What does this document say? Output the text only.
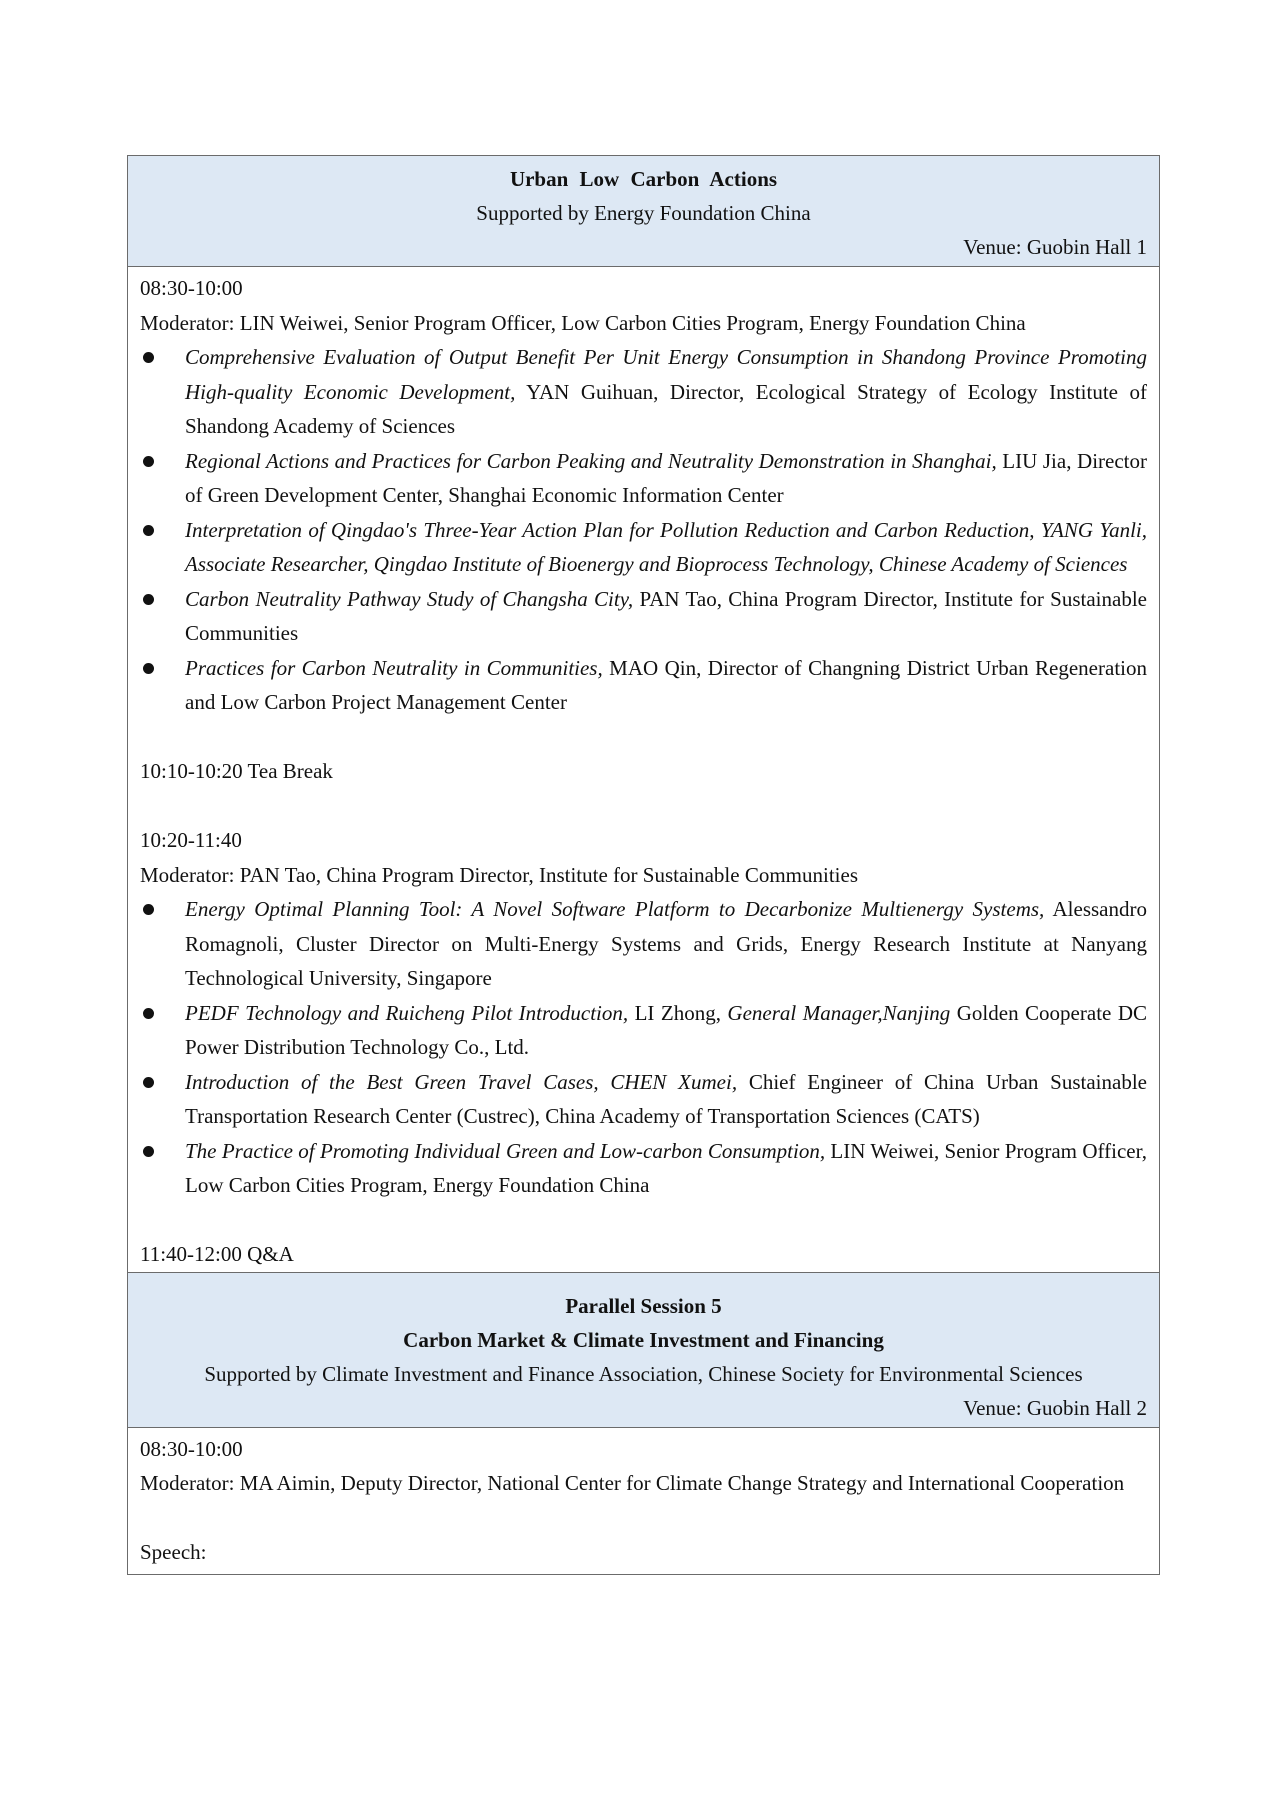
Urban Low Carbon Actions
Supported by Energy Foundation China
Venue: Guobin Hall 1
08:30-10:00
Moderator: LIN Weiwei, Senior Program Officer, Low Carbon Cities Program, Energy Foundation China
Comprehensive Evaluation of Output Benefit Per Unit Energy Consumption in Shandong Province Promoting High-quality Economic Development, YAN Guihuan, Director, Ecological Strategy of Ecology Institute of Shandong Academy of Sciences
Regional Actions and Practices for Carbon Peaking and Neutrality Demonstration in Shanghai, LIU Jia, Director of Green Development Center, Shanghai Economic Information Center
Interpretation of Qingdao's Three-Year Action Plan for Pollution Reduction and Carbon Reduction, YANG Yanli, Associate Researcher, Qingdao Institute of Bioenergy and Bioprocess Technology, Chinese Academy of Sciences
Carbon Neutrality Pathway Study of Changsha City, PAN Tao, China Program Director, Institute for Sustainable Communities
Practices for Carbon Neutrality in Communities, MAO Qin, Director of Changning District Urban Regeneration and Low Carbon Project Management Center
10:10-10:20 Tea Break
10:20-11:40
Moderator: PAN Tao, China Program Director, Institute for Sustainable Communities
Energy Optimal Planning Tool: A Novel Software Platform to Decarbonize Multienergy Systems, Alessandro Romagnoli, Cluster Director on Multi-Energy Systems and Grids, Energy Research Institute at Nanyang Technological University, Singapore
PEDF Technology and Ruicheng Pilot Introduction, LI Zhong, General Manager,Nanjing Golden Cooperate DC Power Distribution Technology Co., Ltd.
Introduction of the Best Green Travel Cases, CHEN Xumei, Chief Engineer of China Urban Sustainable Transportation Research Center (Custrec), China Academy of Transportation Sciences (CATS)
The Practice of Promoting Individual Green and Low-carbon Consumption, LIN Weiwei, Senior Program Officer, Low Carbon Cities Program, Energy Foundation China
11:40-12:00 Q&A
Parallel Session 5
Carbon Market & Climate Investment and Financing
Supported by Climate Investment and Finance Association, Chinese Society for Environmental Sciences
Venue: Guobin Hall 2
08:30-10:00
Moderator: MA Aimin, Deputy Director, National Center for Climate Change Strategy and International Cooperation
Speech:
